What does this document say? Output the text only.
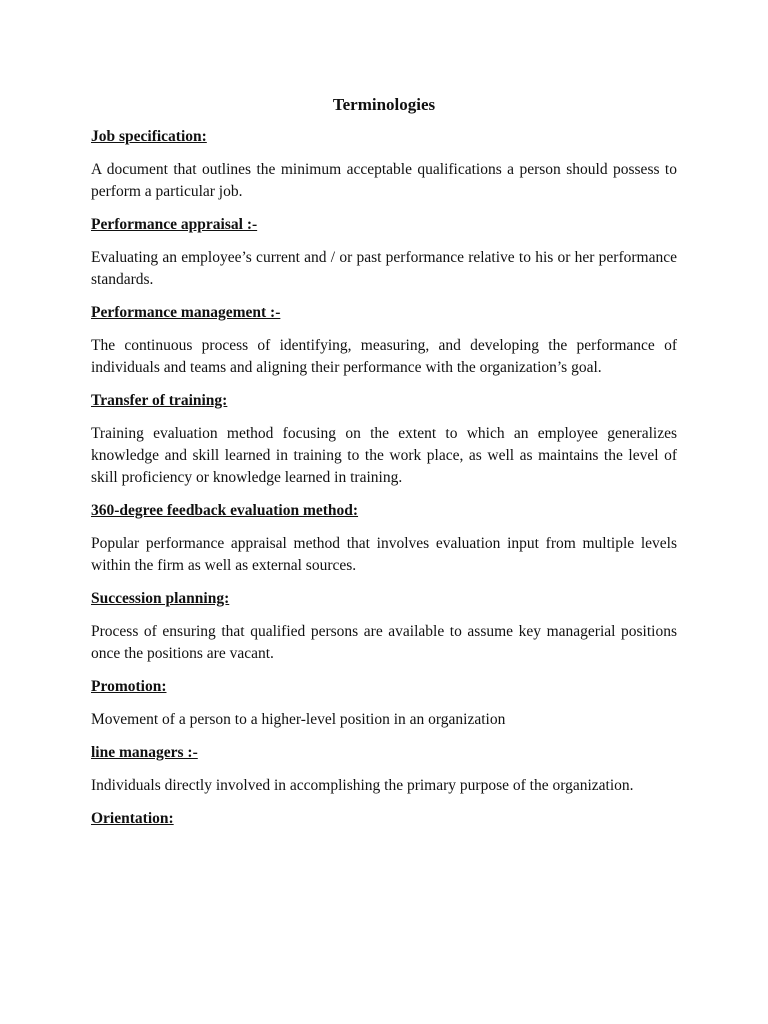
Terminologies

Job specification:

A document that outlines the minimum acceptable qualifications a person should possess to perform a particular job.

Performance appraisal :-

Evaluating an employee’s current and / or past performance relative to his or her performance standards.

Performance management :-

The continuous process of identifying, measuring, and developing the performance of individuals and teams and aligning their performance with the organization’s goal.

Transfer of training:

Training evaluation method focusing on the extent to which an employee generalizes knowledge and skill learned in training to the work place, as well as maintains the level of skill proficiency or knowledge learned in training.

360-degree feedback evaluation method:

Popular performance appraisal method that involves evaluation input from multiple levels within the firm as well as external sources.

Succession planning:

Process of ensuring that qualified persons are available to assume key managerial positions once the positions are vacant.

Promotion:

Movement of a person to a higher-level position in an organization

line managers :-

Individuals directly involved in accomplishing the primary purpose of the organization.

Orientation:
